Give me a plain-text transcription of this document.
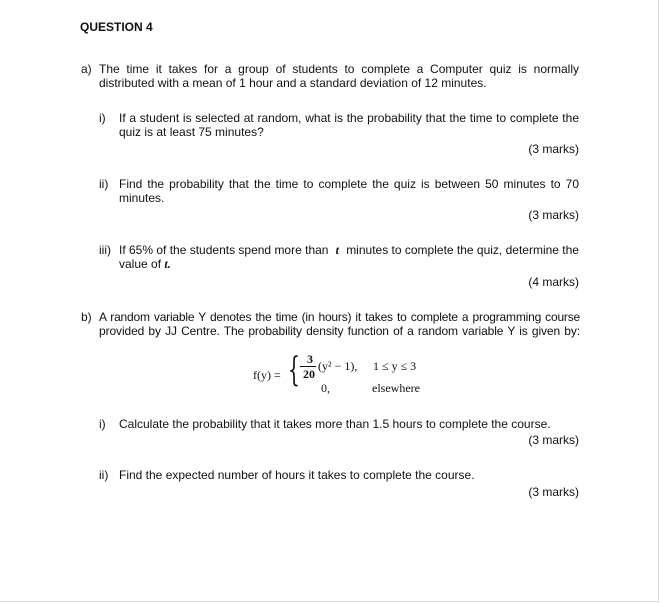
QUESTION 4

a) The time it takes for a group of students to complete a Computer quiz is normally

distributed with a mean of 1 hour and a standard deviation of 12 minutes.

i) If a student is selected at random, what is the probability that the time to complete the

quiz is at least 75 minutes?

(3 marks)
ii) Find the probability that the time to complete the quiz is between 50 minutes to 70

minutes.

(3 marks)
iii) If 65% of the students spend more than t minutes to complete the quiz, determine the

value of t.

(4 marks)
b) A random variable Y denotes the time (in hours) it takes to complete a programming course

provided by JJ Centre. The probability density function of a random variable Y is given by:

f(y) = { 3
20
(y² − 1), 1 ≤ y ≤ 3
0,	elsewhere
i) Calculate the probability that it takes more than 1.5 hours to complete the course.

(3 marks)
ii) Find the expected number of hours it takes to complete the course.

(3 marks)
